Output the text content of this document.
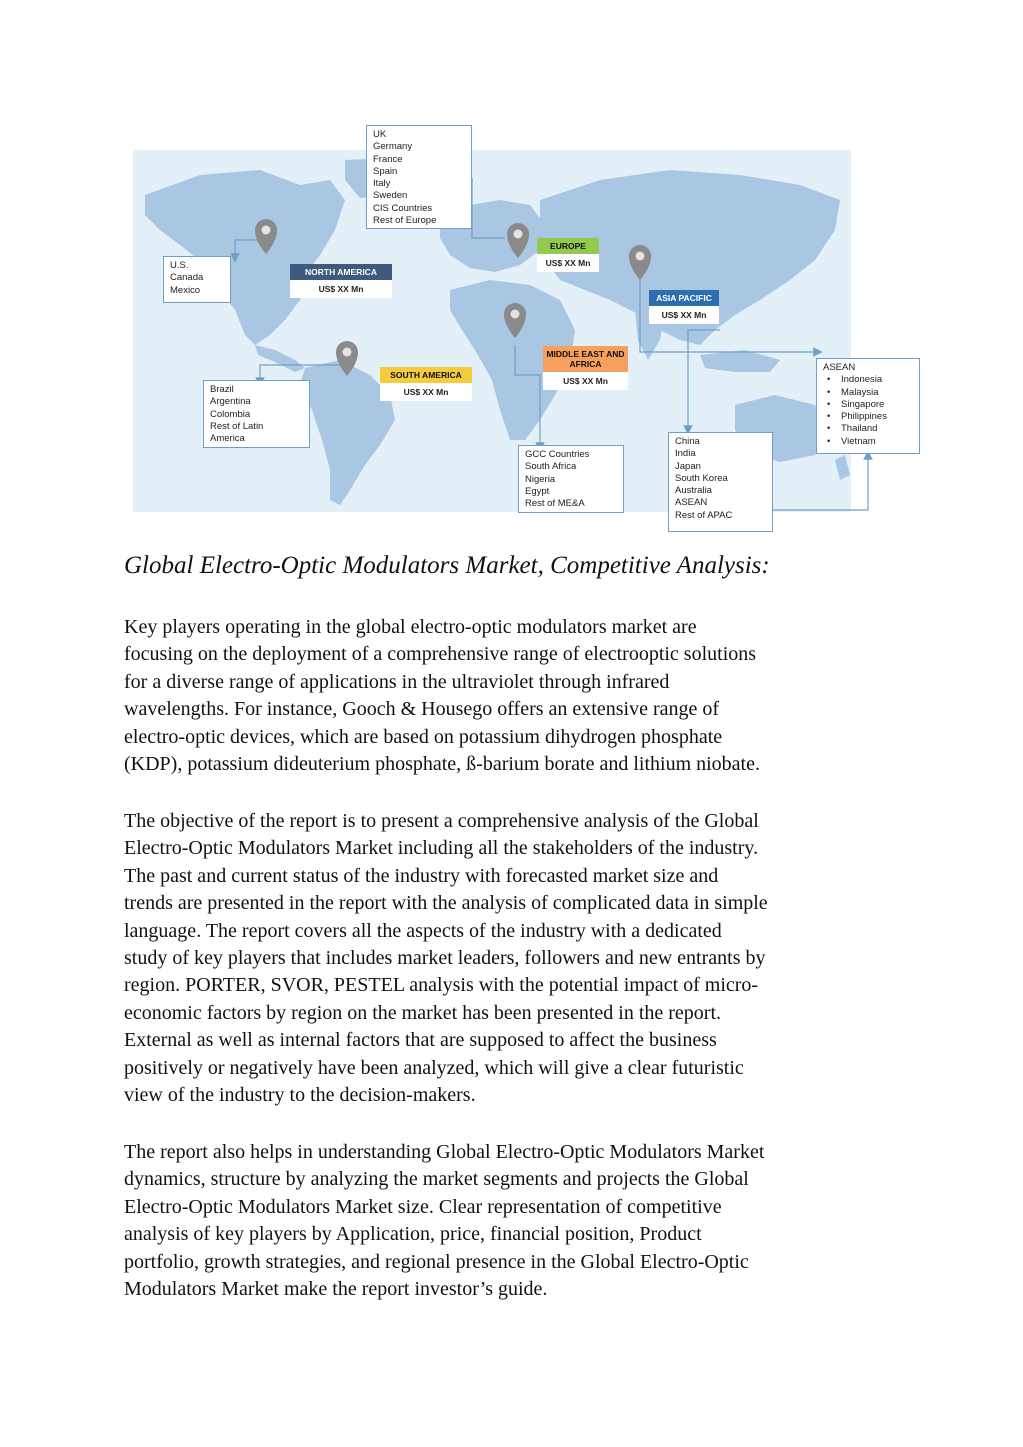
UK
Germany
France
Spain
Italy
Sweden
CIS Countries
Rest of Europe
U.S.
Canada
Mexico
Brazil
Argentina
Colombia
Rest of Latin
America
GCC Countries
South Africa
Nigeria
Egypt
Rest of ME&A
China
India
Japan
South Korea
Australia
ASEAN
Rest of APAC
ASEAN
• Indonesia
• Malaysia
• Singapore
• Philippines
• Thailand
• Vietnam
NORTH AMERICA
US$ XX Mn
EUROPE
US$ XX Mn
ASIA PACIFIC
US$ XX Mn
MIDDLE EAST AND AFRICA
US$ XX Mn
SOUTH AMERICA
US$ XX Mn
Global Electro-Optic Modulators Market, Competitive Analysis:

Key players operating in the global electro-optic modulators market are
focusing on the deployment of a comprehensive range of electrooptic solutions
for a diverse range of applications in the ultraviolet through infrared
wavelengths. For instance, Gooch & Housego offers an extensive range of
electro-optic devices, which are based on potassium dihydrogen phosphate
(KDP), potassium dideuterium phosphate, ß-barium borate and lithium niobate.

The objective of the report is to present a comprehensive analysis of the Global
Electro-Optic Modulators Market including all the stakeholders of the industry.
The past and current status of the industry with forecasted market size and
trends are presented in the report with the analysis of complicated data in simple
language. The report covers all the aspects of the industry with a dedicated
study of key players that includes market leaders, followers and new entrants by
region. PORTER, SVOR, PESTEL analysis with the potential impact of micro-
economic factors by region on the market has been presented in the report.
External as well as internal factors that are supposed to affect the business
positively or negatively have been analyzed, which will give a clear futuristic
view of the industry to the decision-makers.

The report also helps in understanding Global Electro-Optic Modulators Market
dynamics, structure by analyzing the market segments and projects the Global
Electro-Optic Modulators Market size. Clear representation of competitive
analysis of key players by Application, price, financial position, Product
portfolio, growth strategies, and regional presence in the Global Electro-Optic
Modulators Market make the report investor’s guide.
